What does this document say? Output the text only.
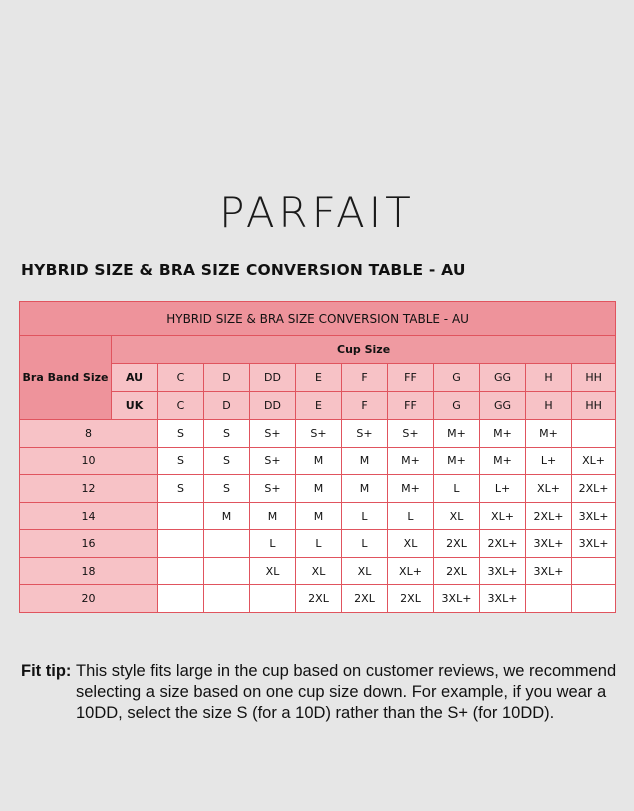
PARFAIT
HYBRID SIZE & BRA SIZE CONVERSION TABLE - AU
HYBRID SIZE & BRA SIZE CONVERSION TABLE - AU											
Bra Band Size	Cup Size										
	AU	C	D	DD	E	F	FF	G	GG	H	HH
	UK	C	D	DD	E	F	FF	G	GG	H	HH
8		S	S	S+	S+	S+	S+	M+	M+	M+	
10		S	S	S+	M	M	M+	M+	M+	L+	XL+
12		S	S	S+	M	M	M+	L	L+	XL+	2XL+
14			M	M	M	L	L	XL	XL+	2XL+	3XL+
16				L	L	L	XL	2XL	2XL+	3XL+	3XL+
18				XL	XL	XL	XL+	2XL	3XL+	3XL+	
20					2XL	2XL	2XL	3XL+	3XL+		
Fit tip: This style fits large in the cup based on customer reviews, we recommend selecting a size based on one cup size down. For example, if you wear a 10DD, select the size S (for a 10D) rather than the S+ (for 10DD).
